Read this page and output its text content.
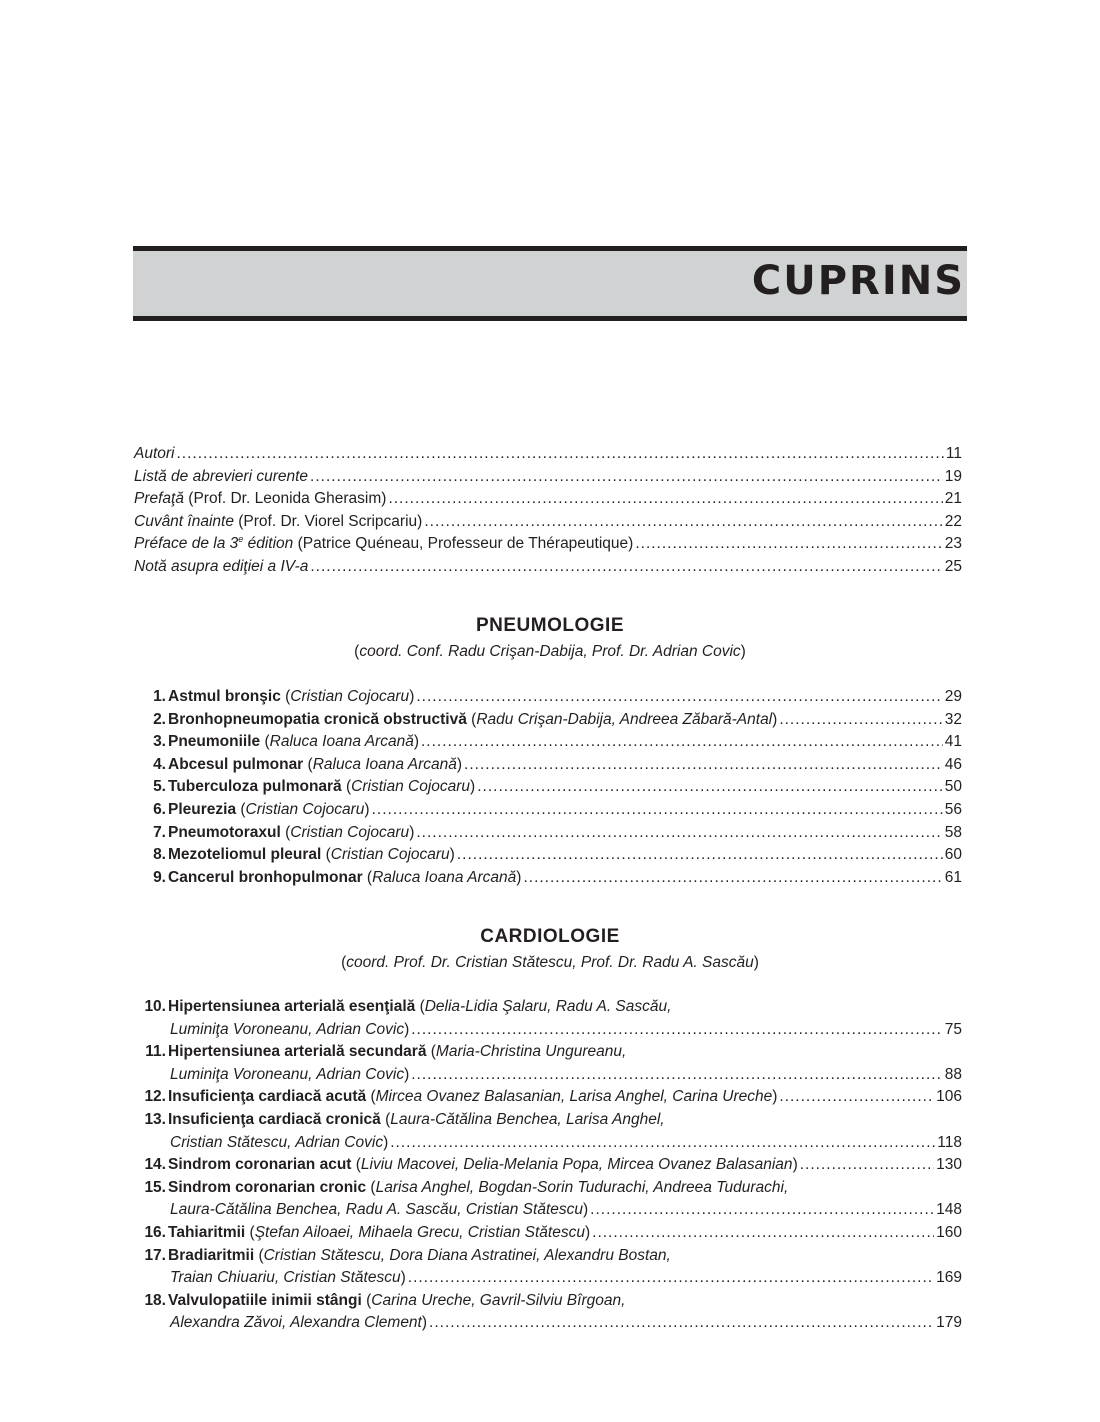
CUPRINS
Autori .....	11
Listă de abrevieri curente .....	19
Prefaţă (Prof. Dr. Leonida Gherasim) .....	21
Cuvânt înainte (Prof. Dr. Viorel Scripcariu) .....	22
Préface de la 3e édition (Patrice Quéneau, Professeur de Thérapeutique) .....	23
Notă asupra ediţiei a IV-a .....	25
PNEUMOLOGIE
(coord. Conf. Radu Crişan-Dabija, Prof. Dr. Adrian Covic)
1. Astmul bronşic (Cristian Cojocaru) .....	29
2. Bronhopneumopatia cronică obstructivă (Radu Crişan-Dabija, Andreea Zăbară-Antal) .....	32
3. Pneumoniile (Raluca Ioana Arcană) .....	41
4. Abcesul pulmonar (Raluca Ioana Arcană) .....	46
5. Tuberculoza pulmonară (Cristian Cojocaru) .....	50
6. Pleurezia (Cristian Cojocaru) .....	56
7. Pneumotoraxul (Cristian Cojocaru) .....	58
8. Mezoteliomul pleural (Cristian Cojocaru) .....	60
9. Cancerul bronhopulmonar (Raluca Ioana Arcană) .....	61
CARDIOLOGIE
(coord. Prof. Dr. Cristian Stătescu, Prof. Dr. Radu A. Sascău)
10. Hipertensiunea arterială esenţială (Delia-Lidia Şalaru, Radu A. Sascău,
Luminiţa Voroneanu, Adrian Covic) .....	75
11. Hipertensiunea arterială secundară (Maria-Christina Ungureanu,
Luminiţa Voroneanu, Adrian Covic) .....	88
12. Insuficienţa cardiacă acută (Mircea Ovanez Balasanian, Larisa Anghel, Carina Ureche) .....	106
13. Insuficienţa cardiacă cronică (Laura-Cătălina Benchea, Larisa Anghel,
Cristian Stătescu, Adrian Covic) .....	118
14. Sindrom coronarian acut (Liviu Macovei, Delia-Melania Popa, Mircea Ovanez Balasanian) .....	130
15. Sindrom coronarian cronic (Larisa Anghel, Bogdan-Sorin Tudurachi, Andreea Tudurachi,
Laura-Cătălina Benchea, Radu A. Sascău, Cristian Stătescu) .....	148
16. Tahiaritmii (Ştefan Ailoaei, Mihaela Grecu, Cristian Stătescu) .....	160
17. Bradiaritmii (Cristian Stătescu, Dora Diana Astratinei, Alexandru Bostan,
Traian Chiuariu, Cristian Stătescu) .....	169
18. Valvulopatiile inimii stângi (Carina Ureche, Gavril-Silviu Bîrgoan,
Alexandra Zăvoi, Alexandra Clement) .....	179
